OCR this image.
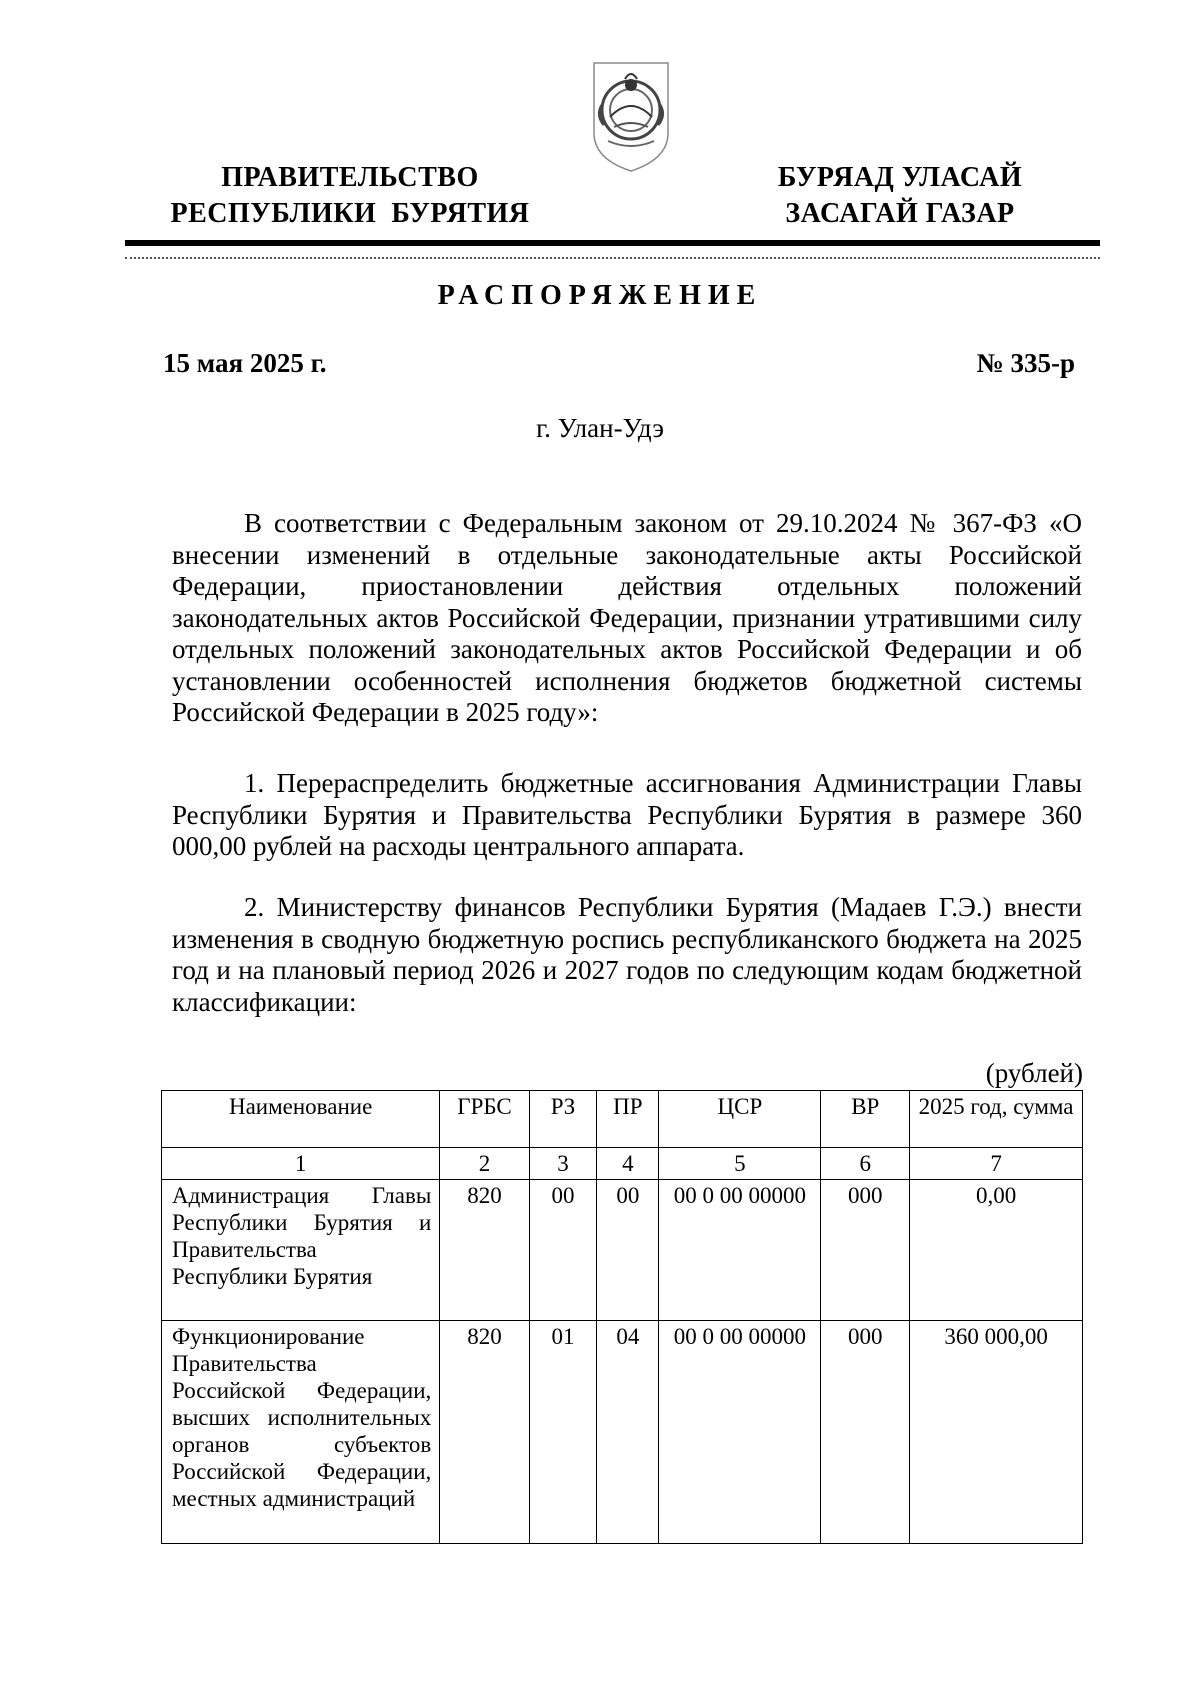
ПРАВИТЕЛЬСТВО
РЕСПУБЛИКИ  БУРЯТИЯ
БУРЯАД УЛАСАЙ
ЗАСАГАЙ ГАЗАР
РАСПОРЯЖЕНИЕ
15 мая 2025 г.	№ 335-р
г. Улан-Удэ
В соответствии с Федеральным законом от 29.10.2024 № 367-ФЗ «О внесении изменений в отдельные законодательные акты Российской Федерации, приостановлении действия отдельных положений законодательных актов Российской Федерации, признании утратившими силу отдельных положений законодательных актов Российской Федерации и об установлении особенностей исполнения бюджетов бюджетной системы Российской Федерации в 2025 году»:
1. Перераспределить бюджетные ассигнования Администрации Главы Республики Бурятия и Правительства Республики Бурятия в размере 360 000,00 рублей на расходы центрального аппарата.
2. Министерству финансов Республики Бурятия (Мадаев Г.Э.) внести изменения в сводную бюджетную роспись республиканского бюджета на 2025 год и на плановый период 2026 и 2027 годов по следующим кодам бюджетной классификации:
(рублей)
Наименование	ГРБС	РЗ	ПР	ЦСР	ВР	2025 год, сумма
1	2	3	4	5	6	7
Администрация Главы Республики Бурятия и Правительства Республики Бурятия	820	00	00	00 0 00 00000	000	0,00
Функционирование Правительства Российской Федерации, высших исполнительных органов субъектов Российской Федерации, местных администраций	820	01	04	00 0 00 00000	000	360 000,00
